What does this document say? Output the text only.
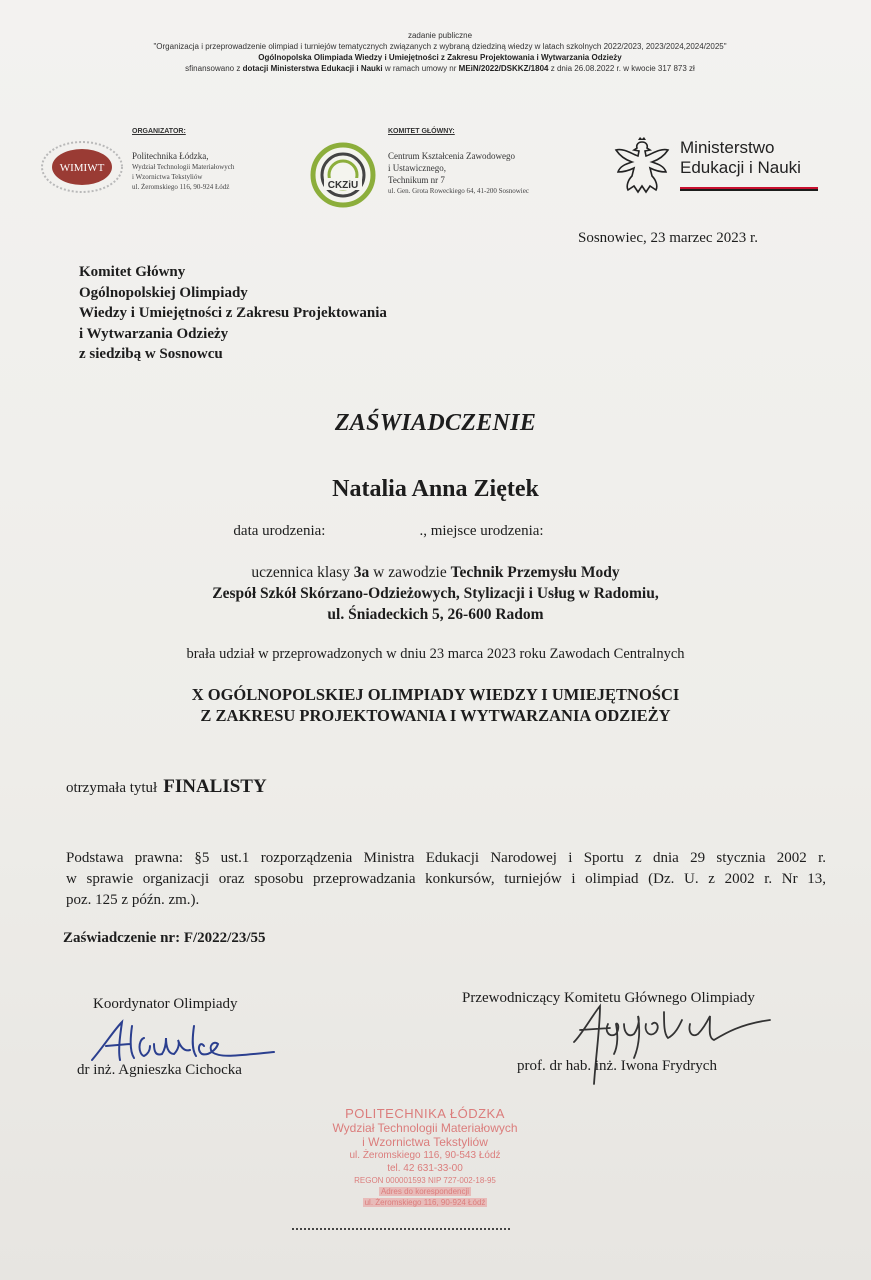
zadanie publiczne
"Organizacja i przeprowadzenie olimpiad i turniejów tematycznych związanych z wybraną dziedziną wiedzy w latach szkolnych 2022/2023, 2023/2024,2024/2025"
Ogólnopolska Olimpiada Wiedzy i Umiejętności z Zakresu Projektowania i Wytwarzania Odzieży
sfinansowano z dotacji Ministerstwa Edukacji i Nauki w ramach umowy nr MEiN/2022/DSKKZ/1804 z dnia 26.08.2022 r. w kwocie 317 873 zł
WIMIWT
ORGANIZATOR:
Politechnika Łódzka,
Wydział Technologii Materiałowych
i Wzornictwa Tekstyliów
ul. Żeromskiego 116, 90-924 Łódź
KOMITET GŁÓWNY:
CKZiU
Centrum Kształcenia Zawodowego
i Ustawicznego,
Technikum nr 7
ul. Gen. Grota Roweckiego 64, 41-200 Sosnowiec
Ministerstwo
Edukacji i Nauki
Sosnowiec, 23 marzec 2023 r.
Komitet Główny
Ogólnopolskiej Olimpiady
Wiedzy i Umiejętności z Zakresu Projektowania
i Wytwarzania Odzieży
z siedzibą w Sosnowcu
ZAŚWIADCZENIE
Natalia Anna Ziętek
data urodzenia:	., miejsce urodzenia:
uczennica klasy 3a w zawodzie Technik Przemysłu Mody
Zespół Szkół Skórzano-Odzieżowych, Stylizacji i Usług w Radomiu,
ul. Śniadeckich 5, 26-600 Radom
brała udział w przeprowadzonych w dniu 23 marca 2023 roku Zawodach Centralnych
X OGÓLNOPOLSKIEJ OLIMPIADY WIEDZY I UMIEJĘTNOŚCI
Z ZAKRESU PROJEKTOWANIA I WYTWARZANIA ODZIEŻY
otrzymała tytuł FINALISTY
Podstawa prawna: §5 ust.1 rozporządzenia Ministra Edukacji Narodowej i Sportu z dnia 29 stycznia 2002 r.
w sprawie organizacji oraz sposobu przeprowadzania konkursów, turniejów i olimpiad (Dz. U. z 2002 r. Nr 13,
poz. 125 z późn. zm.).
Zaświadczenie nr: F/2022/23/55
Koordynator Olimpiady
dr inż. Agnieszka Cichocka
Przewodniczący Komitetu Głównego Olimpiady
prof. dr hab. inż. Iwona Frydrych
POLITECHNIKA ŁÓDZKA
Wydział Technologii Materiałowych
i Wzornictwa Tekstyliów
ul. Żeromskiego 116, 90-543 Łódź
tel. 42 631-33-00
REGON 000001593 NIP 727-002-18-95
Adres do korespondencji
ul. Żeromskiego 116, 90-924 Łódź
